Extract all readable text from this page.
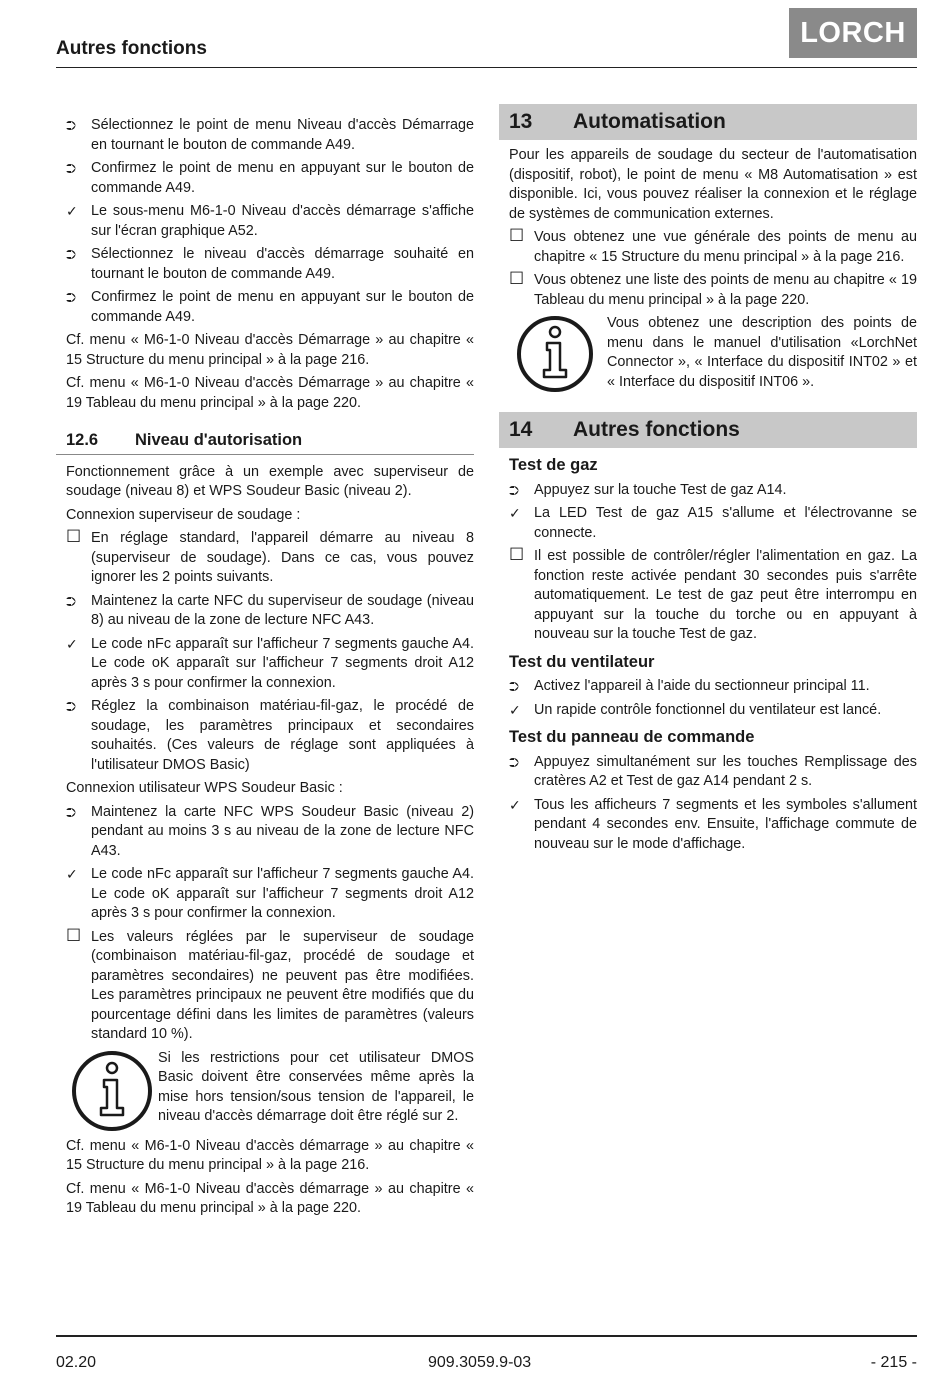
Autres fonctions	LORCH
⮊	Sélectionnez le point de menu Niveau d'accès Démarrage en tournant le bouton de commande A49.
⮊	Confirmez le point de menu en appuyant sur le bouton de commande A49.
✓ Le sous-menu M6-1-0 Niveau d'accès démarrage s'affiche sur l'écran graphique A52.
⮊	Sélectionnez le niveau d'accès démarrage souhaité en tournant le bouton de commande A49.
⮊	Confirmez le point de menu en appuyant sur le bouton de commande A49.

Cf. menu « M6-1-0 Niveau d'accès Démarrage » au chapitre « 15 Structure du menu principal » à la page 216.

Cf. menu « M6-1-0 Niveau d'accès Démarrage » au chapitre « 19 Tableau du menu principal » à la page 220.

12.6	Niveau d'autorisation

Fonctionnement grâce à un exemple avec superviseur de soudage (niveau 8) et WPS Soudeur Basic (niveau 2).

Connexion superviseur de soudage :

☐ En réglage standard, l'appareil démarre au niveau 8 (superviseur de soudage). Dans ce cas, vous pouvez ignorer les 2 points suivants.
⮊	Maintenez la carte NFC du superviseur de soudage (niveau 8) au niveau de la zone de lecture NFC A43.
✓ Le code nFc apparaît sur l'afficheur 7 segments gauche A4. Le code oK apparaît sur l'afficheur 7 segments droit A12 après 3 s pour confirmer la connexion.
⮊	Réglez la combinaison matériau-fil-gaz, le procédé de soudage, les paramètres principaux et secondaires souhaités. (Ces valeurs de réglage sont appliquées à l'utilisateur DMOS Basic)

Connexion utilisateur WPS Soudeur Basic :

⮊	Maintenez la carte NFC WPS Soudeur Basic (niveau 2) pendant au moins 3 s au niveau de la zone de lecture NFC A43.
✓ Le code nFc apparaît sur l'afficheur 7 segments gauche A4. Le code oK apparaît sur l'afficheur 7 segments droit A12 après 3 s pour confirmer la connexion.
☐ Les valeurs réglées par le superviseur de soudage (combinaison matériau-fil-gaz, procédé de soudage et paramètres secondaires) ne peuvent pas être modifiées. Les paramètres principaux ne peuvent être modifiés que du pourcentage défini dans les limites de paramètres (valeurs standard 10 %).

Si les restrictions pour cet utilisateur DMOS Basic doivent être conservées même après la mise hors tension/sous tension de l'appareil, le niveau d'accès démarrage doit être réglé sur 2.

Cf. menu « M6-1-0 Niveau d'accès démarrage » au chapitre « 15 Structure du menu principal » à la page 216.

Cf. menu « M6-1-0 Niveau d'accès démarrage » au chapitre « 19 Tableau du menu principal » à la page 220.

13	Automatisation

Pour les appareils de soudage du secteur de l'automatisation (dispositif, robot), le point de menu « M8 Automatisation » est disponible. Ici, vous pouvez réaliser la connexion et le réglage de systèmes de communication externes.

☐ Vous obtenez une vue générale des points de menu au chapitre « 15 Structure du menu principal » à la page 216.
☐ Vous obtenez une liste des points de menu au chapitre « 19 Tableau du menu principal » à la page 220.

Vous obtenez une description des points de menu dans le manuel d'utilisation «LorchNet Connector », « Interface du dispositif INT02 » et « Interface du dispositif INT06 ».

14	Autres fonctions
Test de gaz
⮊	Appuyez sur la touche Test de gaz A14.
✓ La LED Test de gaz A15 s'allume et l'électrovanne se connecte.
☐ Il est possible de contrôler/régler l'alimentation en gaz. La fonction reste activée pendant 30 secondes puis s'arrête automatiquement. Le test de gaz peut être interrompu en appuyant sur la touche du torche ou en appuyant à nouveau sur la touche Test de gaz.
Test du ventilateur
⮊	Activez l'appareil à l'aide du sectionneur principal 11.
✓ Un rapide contrôle fonctionnel du ventilateur est lancé.
Test du panneau de commande
⮊	Appuyez simultanément sur les touches Remplissage des cratères A2 et Test de gaz A14 pendant 2 s.
✓ Tous les afficheurs 7 segments et les symboles s'allument pendant 4 secondes env. Ensuite, l'affichage commute de nouveau sur le mode d'affichage.
02.20	909.3059.9-03	- 215 -
